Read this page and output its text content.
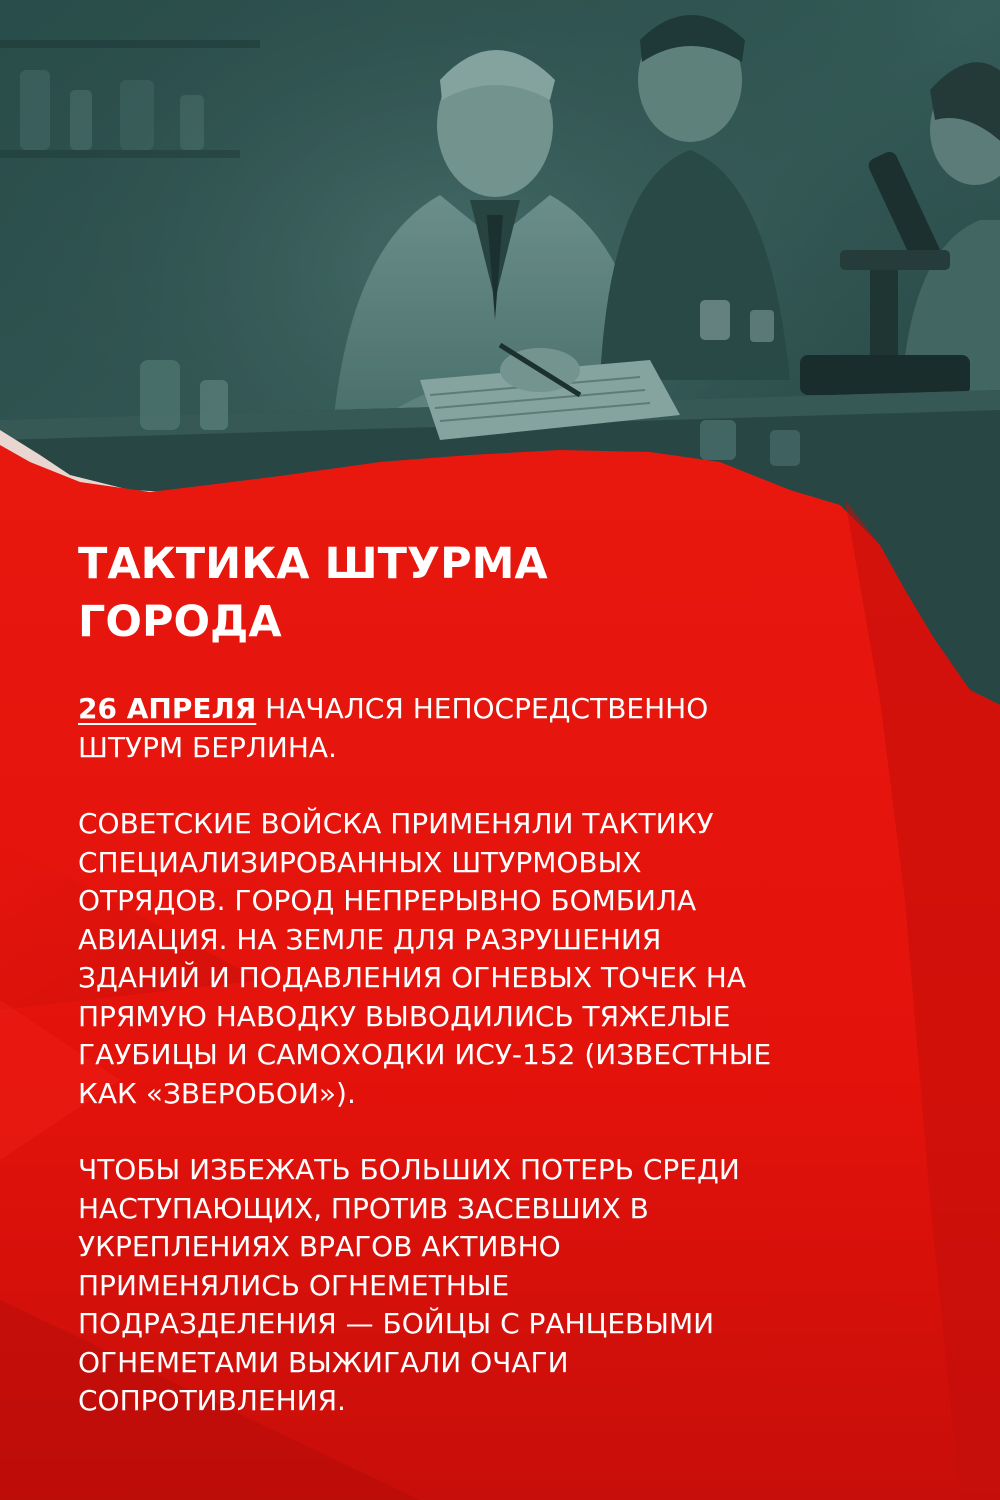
ТАКТИКА ШТУРМА
ГОРОДА

26 АПРЕЛЯ НАЧАЛСЯ НЕПОСРЕДСТВЕННО
ШТУРМ БЕРЛИНА.

СОВЕТСКИЕ ВОЙСКА ПРИМЕНЯЛИ ТАКТИКУ
СПЕЦИАЛИЗИРОВАННЫХ ШТУРМОВЫХ
ОТРЯДОВ. ГОРОД НЕПРЕРЫВНО БОМБИЛА
АВИАЦИЯ. НА ЗЕМЛЕ ДЛЯ РАЗРУШЕНИЯ
ЗДАНИЙ И ПОДАВЛЕНИЯ ОГНЕВЫХ ТОЧЕК НА
ПРЯМУЮ НАВОДКУ ВЫВОДИЛИСЬ ТЯЖЕЛЫЕ
ГАУБИЦЫ И САМОХОДКИ ИСУ-152 (ИЗВЕСТНЫЕ
КАК «ЗВЕРОБОИ»).

ЧТОБЫ ИЗБЕЖАТЬ БОЛЬШИХ ПОТЕРЬ СРЕДИ
НАСТУПАЮЩИХ, ПРОТИВ ЗАСЕВШИХ В
УКРЕПЛЕНИЯХ ВРАГОВ АКТИВНО
ПРИМЕНЯЛИСЬ ОГНЕМЕТНЫЕ
ПОДРАЗДЕЛЕНИЯ — БОЙЦЫ С РАНЦЕВЫМИ
ОГНЕМЕТАМИ ВЫЖИГАЛИ ОЧАГИ
СОПРОТИВЛЕНИЯ.
